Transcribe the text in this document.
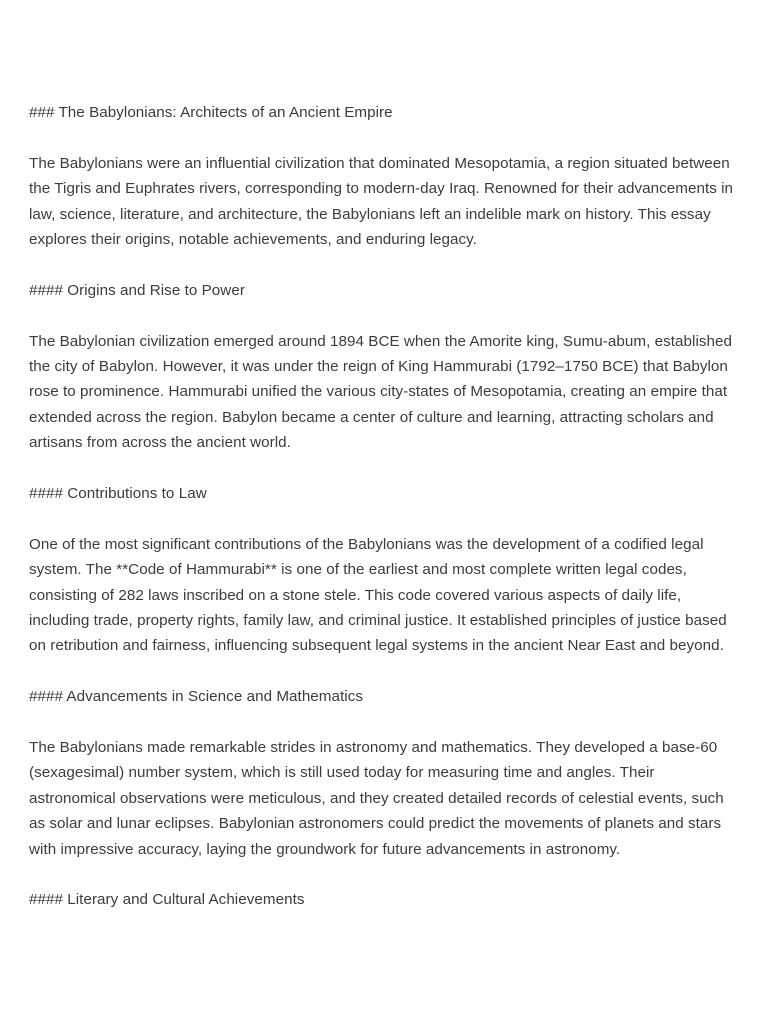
### The Babylonians: Architects of an Ancient Empire

The Babylonians were an influential civilization that dominated Mesopotamia, a region situated between the Tigris and Euphrates rivers, corresponding to modern-day Iraq. Renowned for their advancements in law, science, literature, and architecture, the Babylonians left an indelible mark on history. This essay explores their origins, notable achievements, and enduring legacy.

#### Origins and Rise to Power

The Babylonian civilization emerged around 1894 BCE when the Amorite king, Sumu-abum, established the city of Babylon. However, it was under the reign of King Hammurabi (1792–1750 BCE) that Babylon rose to prominence. Hammurabi unified the various city-states of Mesopotamia, creating an empire that extended across the region. Babylon became a center of culture and learning, attracting scholars and artisans from across the ancient world.

#### Contributions to Law

One of the most significant contributions of the Babylonians was the development of a codified legal system. The **Code of Hammurabi** is one of the earliest and most complete written legal codes, consisting of 282 laws inscribed on a stone stele. This code covered various aspects of daily life, including trade, property rights, family law, and criminal justice. It established principles of justice based on retribution and fairness, influencing subsequent legal systems in the ancient Near East and beyond.

#### Advancements in Science and Mathematics

The Babylonians made remarkable strides in astronomy and mathematics. They developed a base-60 (sexagesimal) number system, which is still used today for measuring time and angles. Their astronomical observations were meticulous, and they created detailed records of celestial events, such as solar and lunar eclipses. Babylonian astronomers could predict the movements of planets and stars with impressive accuracy, laying the groundwork for future advancements in astronomy.

#### Literary and Cultural Achievements
